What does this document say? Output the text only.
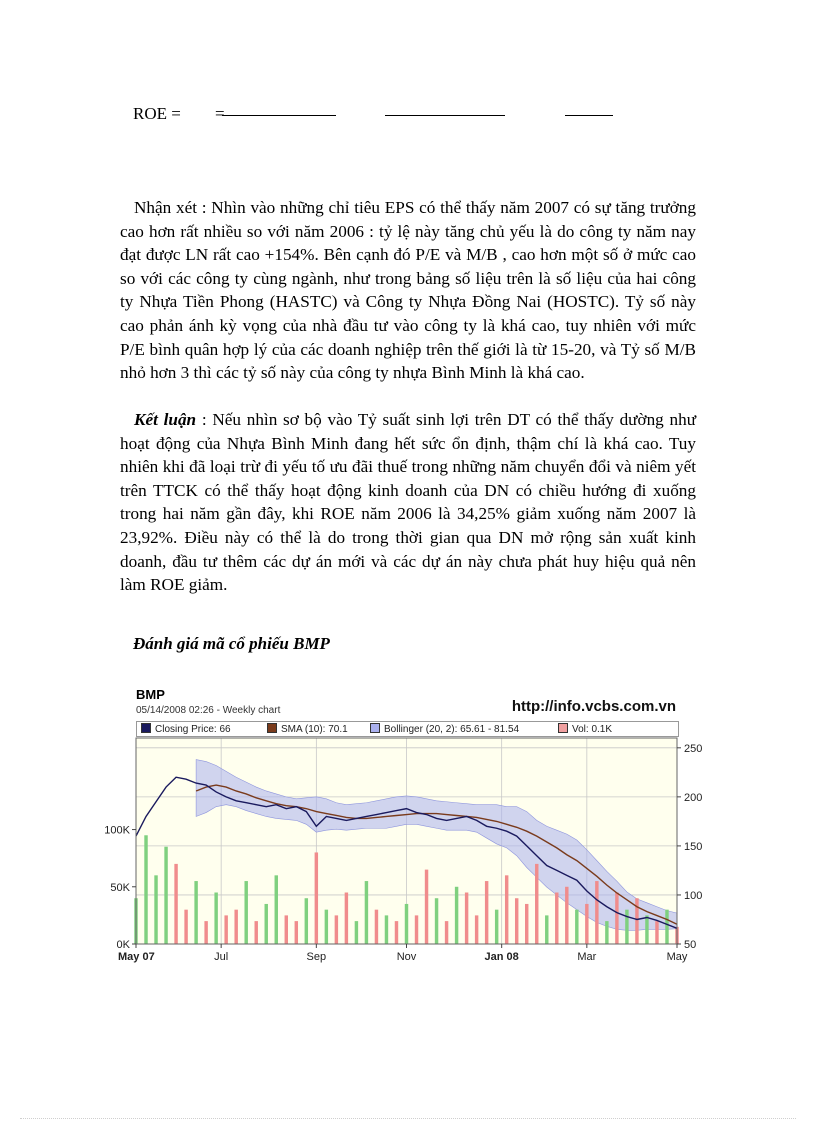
ROE = =

Nhận xét : Nhìn vào những chỉ tiêu EPS có thể thấy năm 2007 có sự tăng trưởng cao hơn rất nhiều so với năm 2006 : tỷ lệ này tăng chủ yếu là do công ty năm nay đạt được LN rất cao +154%. Bên cạnh đó P/E và M/B , cao hơn một số ở mức cao so với các công ty cùng ngành, như trong bảng số liệu trên là số liệu của hai công ty Nhựa Tiền Phong (HASTC) và Công ty Nhựa Đồng Nai (HOSTC). Tỷ số này cao phản ánh kỳ vọng của nhà đầu tư vào công ty là khá cao, tuy nhiên với mức P/E bình quân hợp lý của các doanh nghiệp trên thế giới là từ 15-20, và Tỷ số M/B nhỏ hơn 3 thì các tỷ số này của công ty nhựa Bình Minh là khá cao.

Kết luận : Nếu nhìn sơ bộ vào Tỷ suất sinh lợi trên DT có thể thấy dường như hoạt động của Nhựa Bình Minh đang hết sức ổn định, thậm chí là khá cao. Tuy nhiên khi đã loại trừ đi yếu tố ưu đãi thuế trong những năm chuyển đổi và niêm yết trên TTCK có thể thấy hoạt động kinh doanh của DN có chiều hướng đi xuống trong hai năm gần đây, khi ROE năm 2006 là 34,25% giảm xuống năm 2007 là 23,92%. Điều này có thể là do trong thời gian qua DN mở rộng sản xuất kinh doanh, đầu tư thêm các dự án mới và các dự án này chưa phát huy hiệu quả nên làm ROE giảm.

Đánh giá mã cổ phiếu BMP
BMP
05/14/2008 02:26 - Weekly chart	http://info.vcbs.com.vn
Closing Price: 66	SMA (10): 70.1	Bollinger (20, 2): 65.61 - 81.54	Vol: 0.1K
250
200
150
100
50
100K
50K
0K
May 07	Jul	Sep	Nov	Jan 08	Mar	May
